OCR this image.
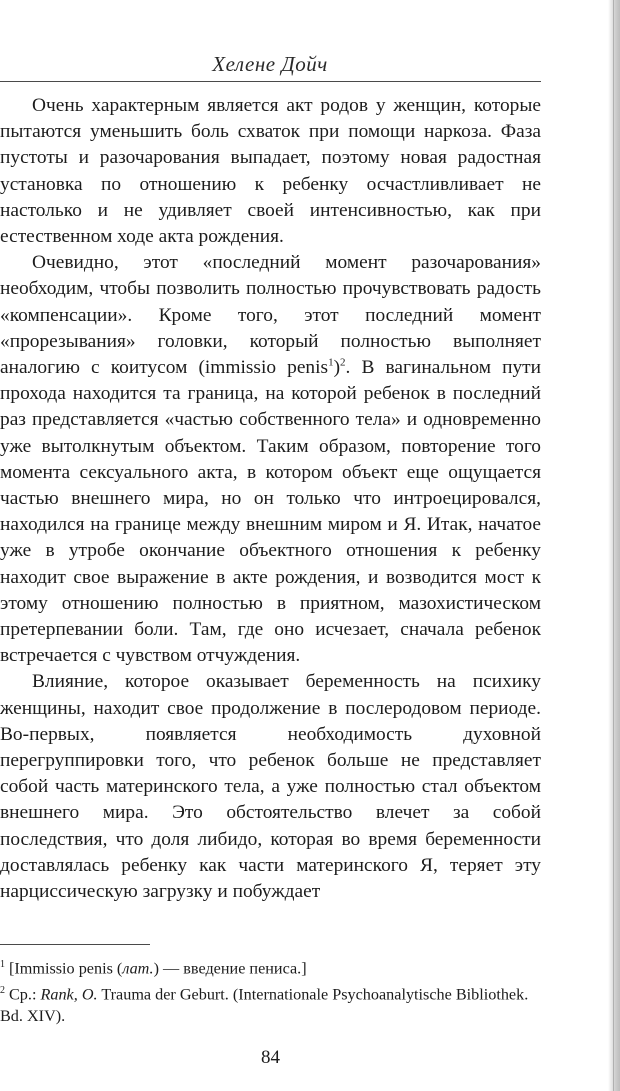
Хелене Дойч

Очень характерным является акт родов у женщин, которые пытаются уменьшить боль схваток при помощи наркоза. Фаза пустоты и разочарования выпадает, поэтому новая радостная установка по отношению к ребенку осчастливливает не настолько и не удивляет своей интенсивностью, как при естественном ходе акта рождения.

Очевидно, этот «последний момент разочарования» необходим, чтобы позволить полностью прочувствовать радость «компенсации». Кроме того, этот последний момент «прорезывания» головки, который полностью выполняет аналогию с коитусом (immissio penis$^1$)$^2$. В вагинальном пути прохода находится та граница, на которой ребенок в последний раз представляется «частью собственного тела» и одновременно уже вытолкнутым объектом. Таким образом, повторение того момента сексуального акта, в котором объект еще ощущается частью внешнего мира, но он только что интроецировался, находился на границе между внешним миром и Я. Итак, начатое уже в утробе окончание объектного отношения к ребенку находит свое выражение в акте рождения, и возводится мост к этому отношению полностью в приятном, мазохистическом претерпевании боли. Там, где оно исчезает, сначала ребенок встречается с чувством отчуждения.

Влияние, которое оказывает беременность на психику женщины, находит свое продолжение в послеродовом периоде. Во-первых, появляется необходимость духовной перегруппировки того, что ребенок больше не представляет собой часть материнского тела, а уже полностью стал объектом внешнего мира. Это обстоятельство влечет за собой последствия, что доля либидо, которая во время беременности доставлялась ребенку как части материнского Я, теряет эту нарциссическую загрузку и побуждает

$^1$ [Immissio penis (лат.) — введение пениса.]

$^2$ Ср.: Rank, O. Trauma der Geburt. (Internationale Psychoanalytische Bibliothek. Bd. XIV).

84
